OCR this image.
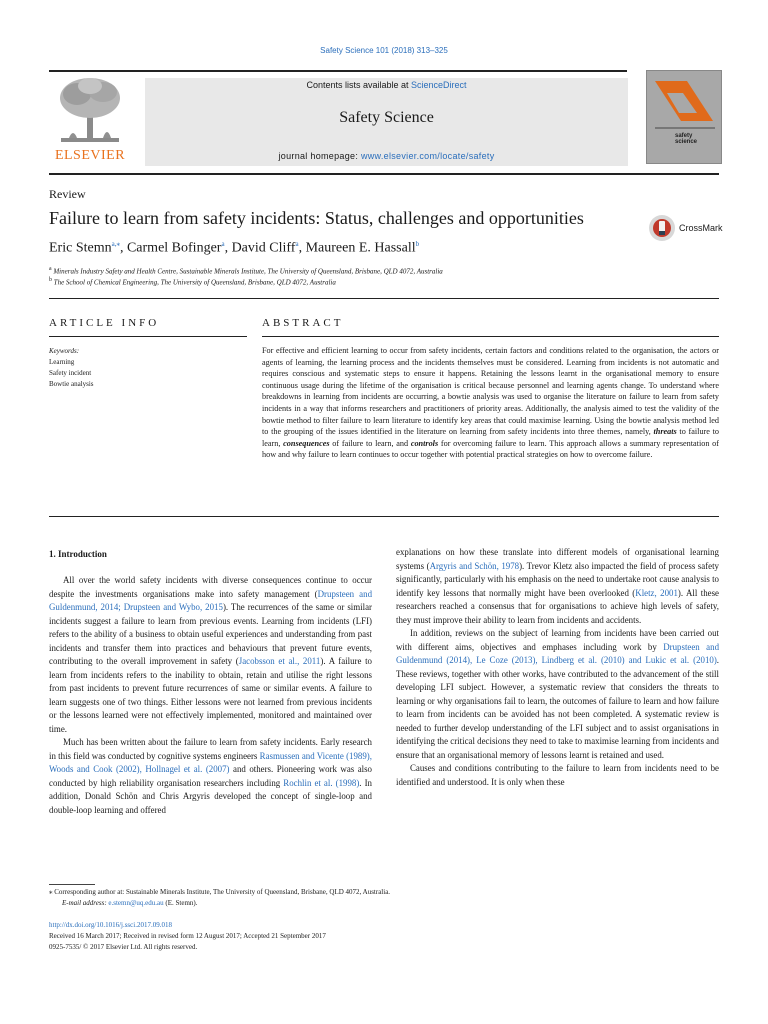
Safety Science 101 (2018) 313–325
ELSEVIER
Contents lists available at ScienceDirect
Safety Science
journal homepage: www.elsevier.com/locate/safety
safety
science
Review
Failure to learn from safety incidents: Status, challenges and opportunities	CrossMark
Eric Stemn$^{a,⁎}$, Carmel Bofinger$^a$, David Cliff$^a$, Maureen E. Hassall$^b$
$^a$ Minerals Industry Safety and Health Centre, Sustainable Minerals Institute, The University of Queensland, Brisbane, QLD 4072, Australia
$^b$ The School of Chemical Engineering, The University of Queensland, Brisbane, QLD 4072, Australia
ARTICLE INFO	ABSTRACT
Keywords:
Learning
Safety incident
Bowtie analysis
For effective and efficient learning to occur from safety incidents, certain factors and conditions related to the organisation, the actors or agents of learning, the learning process and the incidents themselves must be considered. Learning from incidents is not automatic and requires conscious and systematic steps to ensure it happens. Retaining the lessons learnt in the organisational memory to ensure continuous usage during the lifetime of the organisation is critical because personnel and learning agents change. To understand where breakdowns in learning from incidents are occurring, a bowtie analysis was used to organise the literature on failure to learn from safety incidents in a way that informs researchers and practitioners of priority areas. Additionally, the analysis aimed to test the validity of the bowtie method to filter failure to learn literature to identify key areas that could maximise learning. Using the bowtie analysis method led to the grouping of the issues identified in the literature on learning from safety incidents into three themes, namely, threats to failure to learn, consequences of failure to learn, and controls for overcoming failure to learn. This approach allows a summary representation of how and why failure to learn continues to occur together with potential practical strategies on how to overcome failure.
1. Introduction

All over the world safety incidents with diverse consequences continue to occur despite the investments organisations make into safety management (Drupsteen and Guldenmund, 2014; Drupsteen and Wybo, 2015). The recurrences of the same or similar incidents suggest a failure to learn from previous events. Learning from incidents (LFI) refers to the ability of a business to obtain useful experiences and understanding from past incidents and transfer them into practices and behaviours that prevent future events, contributing to the overall improvement in safety (Jacobsson et al., 2011). A failure to learn from incidents refers to the inability to obtain, retain and utilise the right lessons from past incidents to prevent future recurrences of same or similar events. A failure to learn suggests one of two things. Either lessons were not learned from previous incidents or the lessons learned were not effectively implemented, monitored and maintained over time.

Much has been written about the failure to learn from safety incidents. Early research in this field was conducted by cognitive systems engineers Rasmussen and Vicente (1989), Woods and Cook (2002), Hollnagel et al. (2007) and others. Pioneering work was also conducted by high reliability organisation researchers including Rochlin et al. (1998). In addition, Donald Schön and Chris Argyris developed the concept of single-loop and double-loop learning and offered

explanations on how these translate into different models of organisational learning systems (Argyris and Schön, 1978). Trevor Kletz also impacted the field of process safety significantly, particularly with his emphasis on the need to undertake root cause analysis to identify key lessons that normally might have been overlooked (Kletz, 2001). All these researchers reached a consensus that for organisations to achieve high levels of safety, they must improve their ability to learn from incidents and accidents.

In addition, reviews on the subject of learning from incidents have been carried out with different aims, objectives and emphases including work by Drupsteen and Guldenmund (2014), Le Coze (2013), Lindberg et al. (2010) and Lukic et al. (2010). These reviews, together with other works, have contributed to the advancement of the still developing LFI subject. However, a systematic review that considers the threats to learning or why organisations fail to learn, the outcomes of failure to learn and how failure to learn from incidents can be avoided has not been completed. A systematic review is needed to further develop understanding of the LFI subject and to assist organisations in identifying the critical decisions they need to take to maximise learning from incidents and ensure that an organisational memory of lessons learnt is retained and used.

Causes and conditions contributing to the failure to learn from incidents need to be identified and understood. It is only when these

⁎ Corresponding author at: Sustainable Minerals Institute, The University of Queensland, Brisbane, QLD 4072, Australia.
E-mail address: e.stemn@uq.edu.au (E. Stemn).
http://dx.doi.org/10.1016/j.ssci.2017.09.018
Received 16 March 2017; Received in revised form 12 August 2017; Accepted 21 September 2017
0925-7535/ © 2017 Elsevier Ltd. All rights reserved.
